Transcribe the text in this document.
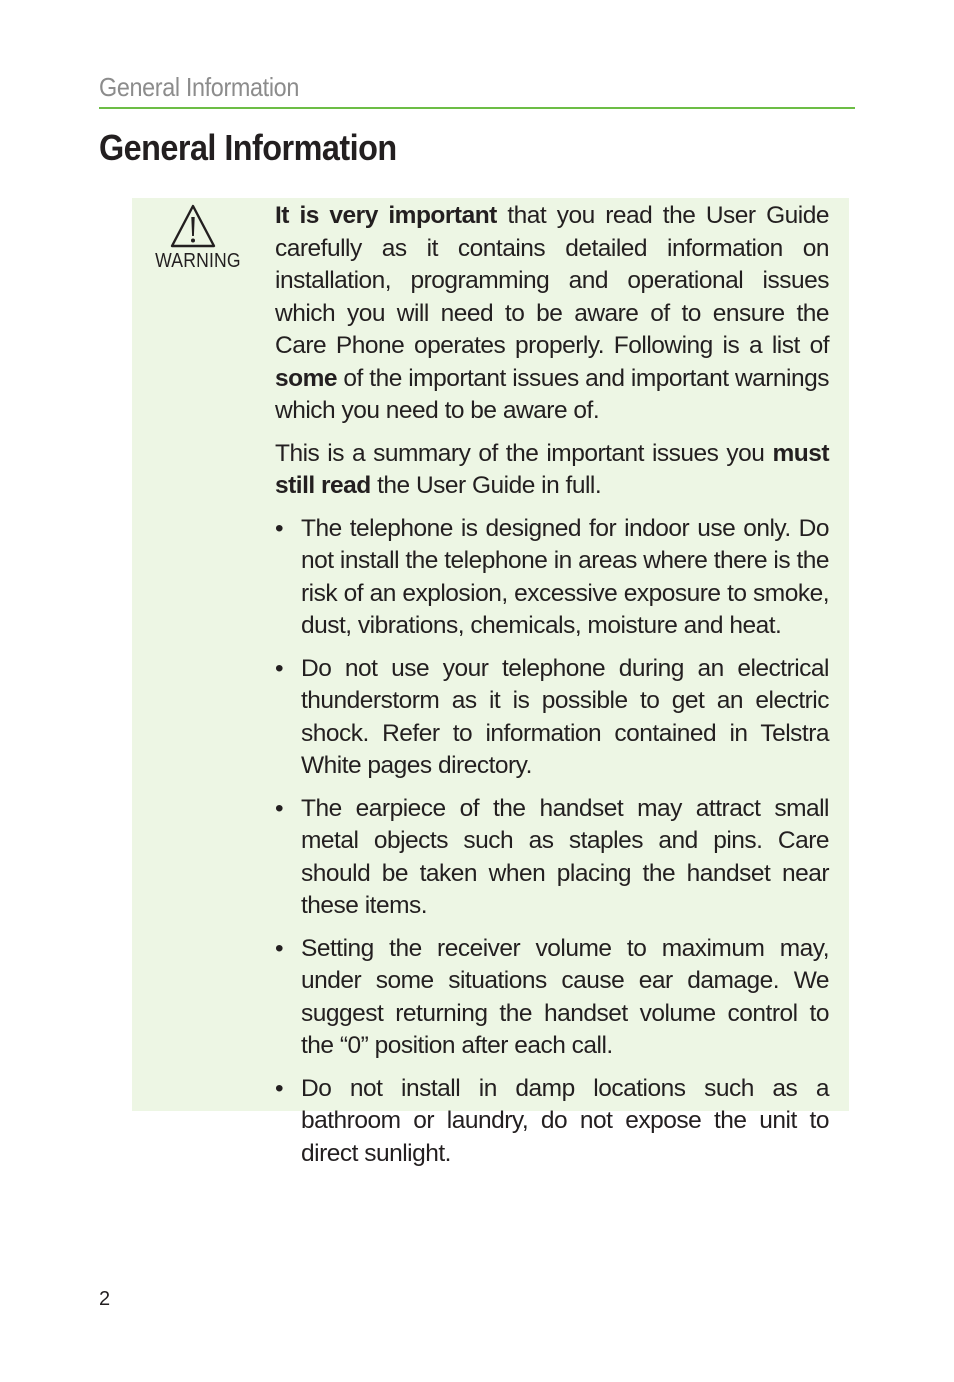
General Information
General Information
WARNING

It is very important that you read the User Guide carefully as it contains detailed information on installation, programming and operational issues which you will need to be aware of to ensure the Care Phone operates properly. Following is a list of some of the important issues and important warnings which you need to be aware of.

This is a summary of the important issues you must still read the User Guide in full.

• The telephone is designed for indoor use only. Do not install the telephone in areas where there is the risk of an explosion, excessive exposure to smoke, dust, vibrations, chemicals, moisture and heat.
• Do not use your telephone during an electrical thunderstorm as it is possible to get an electric shock. Refer to information contained in Telstra White pages directory.
• The earpiece of the handset may attract small metal objects such as staples and pins. Care should be taken when placing the handset near these items.
• Setting the receiver volume to maximum may, under some situations cause ear damage. We suggest returning the handset volume control to the “0” position after each call.
• Do not install in damp locations such as a bathroom or laundry, do not expose the unit to direct sunlight.
2
